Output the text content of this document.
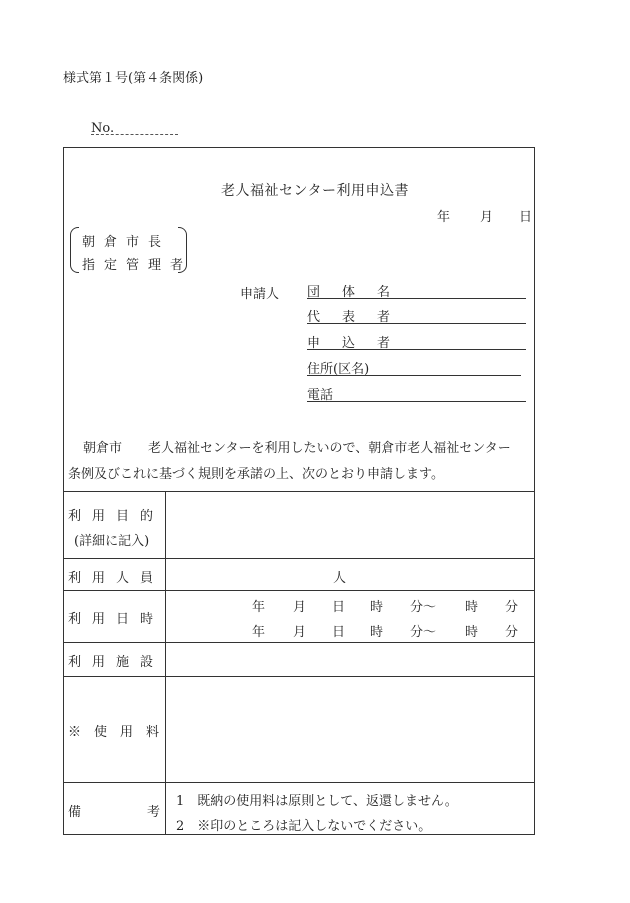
様式第１号(第４条関係)
No.
老人福祉センター利用申込書
年 月 日
朝倉市長
指定管理者
申請人 団体名
代表者
申込者
住所(区名)
電話
朝倉市　　老人福祉センターを利用したいので、朝倉市老人福祉センター
条例及びこれに基づく規則を承諾の上、次のとおり申請します。
利用目的
(詳細に記入)
利用人員	人
利用日時
年 月 日 時 分〜 時 分
年 月 日 時 分〜 時 分
利用施設
※　使　用　料
備	考
1　既納の使用料は原則として、返還しません。
2　※印のところは記入しないでください。
